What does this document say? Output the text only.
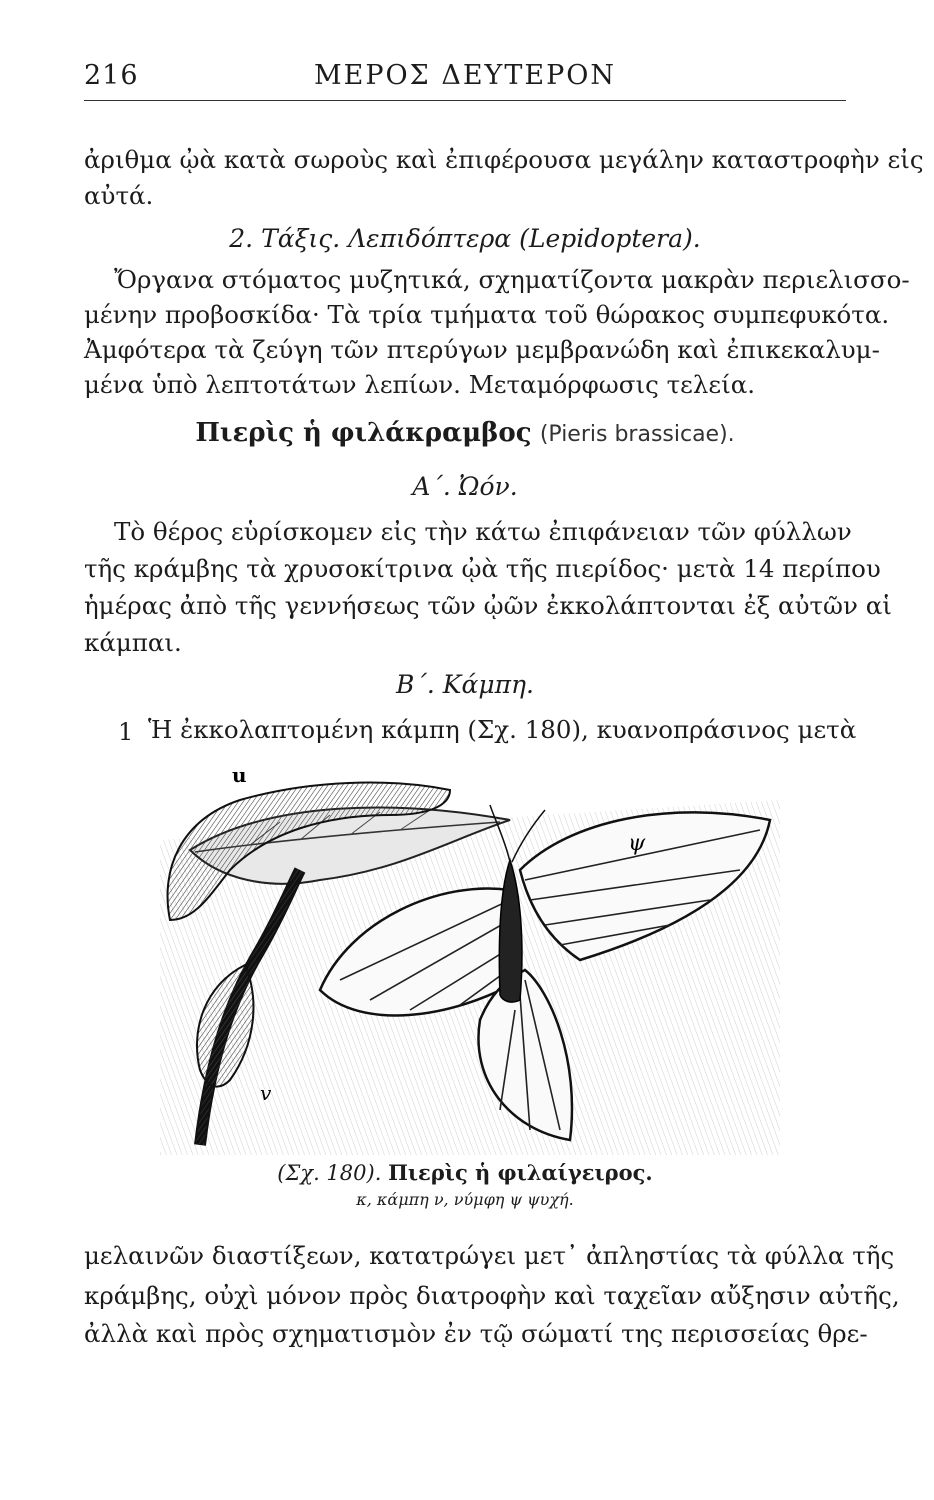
216	ΜΕΡΟΣ ΔΕΥΤΕΡΟΝ
ἀριθμα ᾠὰ κατὰ σωροὺς καὶ ἐπιφέρουσα μεγάλην καταστροφὴν εἰς
αὐτά.
2. Τάξις. Λεπιδόπτερα (Lepidoptera).
Ὄργανα στόματος μυζητικά, σχηματίζοντα μακρὰν περιελισσο-
μένην προβοσκίδα· Τὰ τρία τμήματα τοῦ θώρακος συμπεφυκότα.
Ἀμφότερα τὰ ζεύγη τῶν πτερύγων μεμβρανώδη καὶ ἐπικεκαλυμ-
μένα ὑπὸ λεπτοτάτων λεπίων. Μεταμόρφωσις τελεία.
Πιερὶς ἡ φιλάκραμβος (Pieris brassicae).
Α΄. Ὠόν.
Τὸ θέρος εὑρίσκομεν εἰς τὴν κάτω ἐπιφάνειαν τῶν φύλλων
τῆς κράμβης τὰ χρυσοκίτρινα ᾠὰ τῆς πιερίδος· μετὰ 14 περίπου
ἡμέρας ἀπὸ τῆς γεννήσεως τῶν ᾠῶν ἐκκολάπτονται ἐξ αὐτῶν αἱ
κάμπαι.
Β΄. Κάμπη.
1 Ἡ ἐκκολαπτομένη κάμπη (Σχ. 180), κυανοπράσινος μετὰ
u
ψ
v
(Σχ. 180). Πιερὶς ἡ φιλαίγειρος.
κ, κάμπη ν, νύμφη ψ ψυχή.
μελαινῶν διαστίξεων, κατατρώγει μετ᾽ ἀπληστίας τὰ φύλλα τῆς
κράμβης, οὐχὶ μόνον πρὸς διατροφὴν καὶ ταχεῖαν αὔξησιν αὐτῆς,
ἀλλὰ καὶ πρὸς σχηματισμὸν ἐν τῷ σώματί της περισσείας θρε-
